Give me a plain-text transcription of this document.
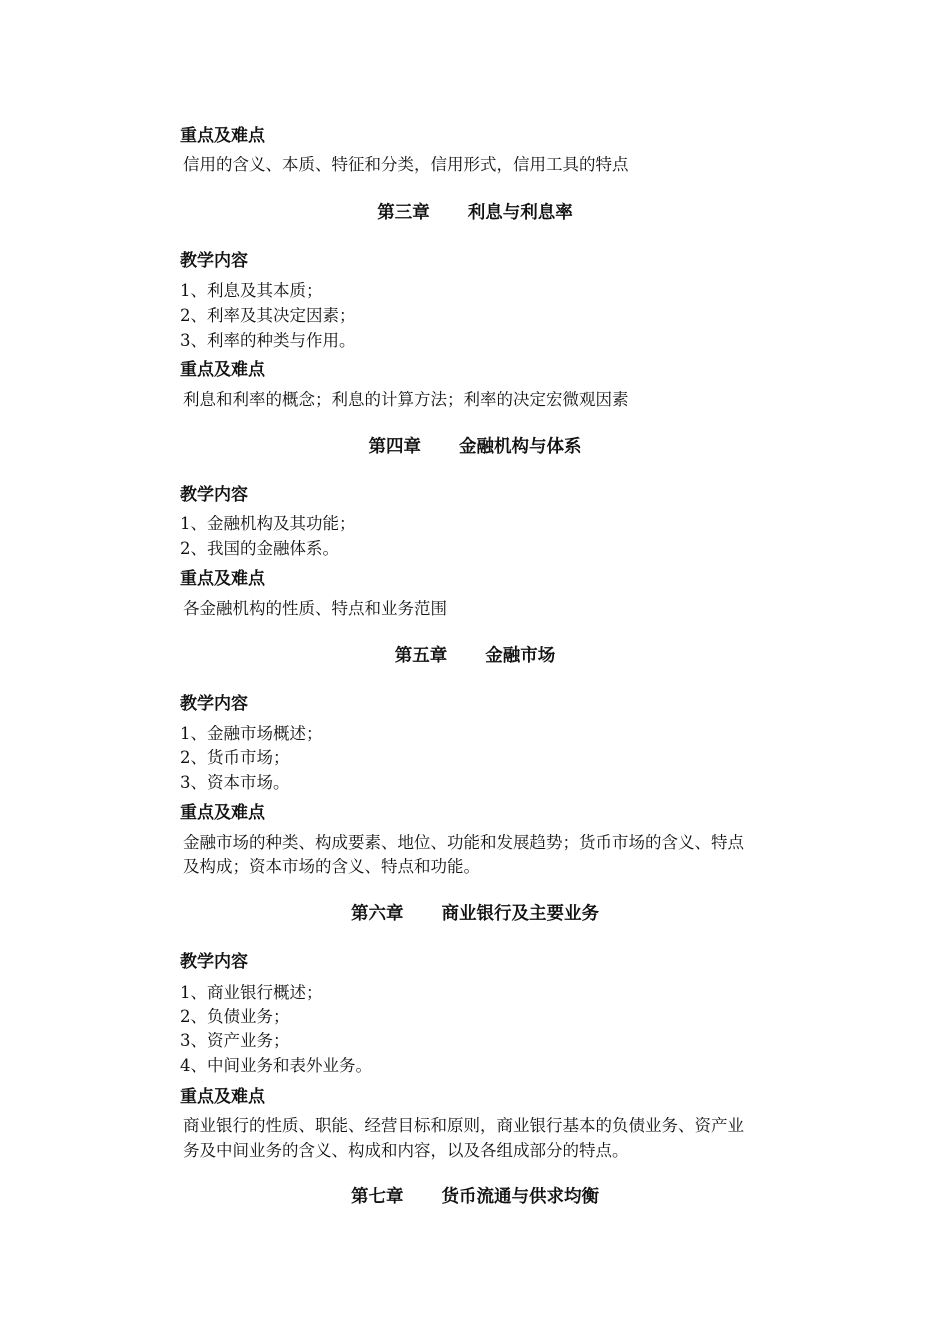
重点及难点
信用的含义、本质、特征和分类，信用形式，信用工具的特点
第三章 利息与利息率
教学内容
1、利息及其本质；
2、利率及其决定因素；
3、利率的种类与作用。
重点及难点
利息和利率的概念；利息的计算方法；利率的决定宏微观因素
第四章 金融机构与体系
教学内容
1、金融机构及其功能；
2、我国的金融体系。
重点及难点
各金融机构的性质、特点和业务范围
第五章 金融市场
教学内容
1、金融市场概述；
2、货币市场；
3、资本市场。
重点及难点
金融市场的种类、构成要素、地位、功能和发展趋势；货币市场的含义、特点
及构成；资本市场的含义、特点和功能。
第六章 商业银行及主要业务
教学内容
1、商业银行概述；
2、负债业务；
3、资产业务；
4、中间业务和表外业务。
重点及难点
商业银行的性质、职能、经营目标和原则，商业银行基本的负债业务、资产业
务及中间业务的含义、构成和内容，以及各组成部分的特点。
第七章 货币流通与供求均衡
